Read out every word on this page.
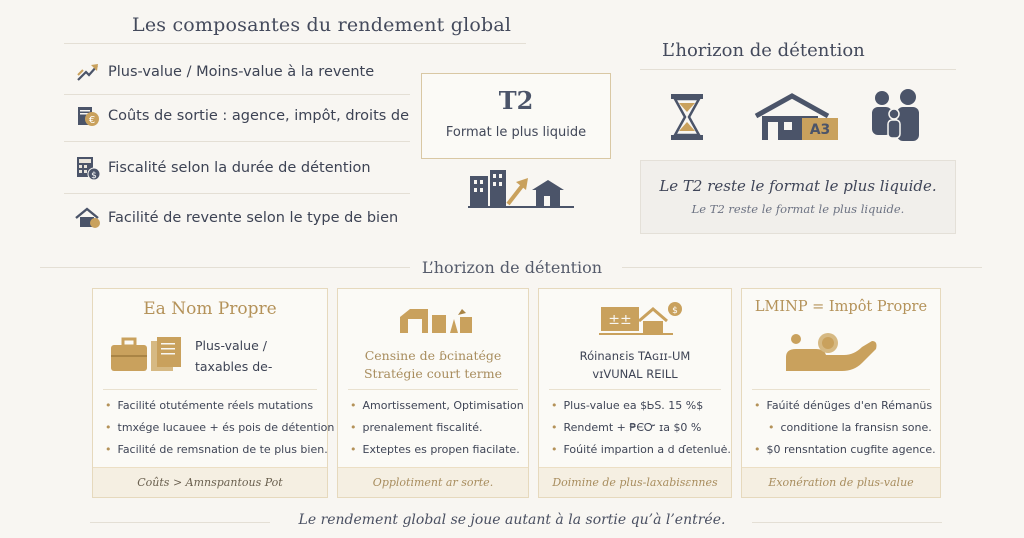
Les composantes du rendement global
Plus-value / Moins-value à la revente
€ Coûts de sortie : agence, impôt, droits de
$ Fiscalité selon la durée de détention
Facilité de revente selon le type de bien
T2
Format le plus liquide
L’horizon de détention
A3
Le T2 reste le format le plus liquide.
Le T2 reste le format le plus liquide.
L’horizon de détention
Ea Nom Propre
Plus-value /
taxables de-
• Facilité otutémente réels mutations
• tmxége lucauee + és pois de détention
• Facilité de remsnation de te plus bien.
Coûts > Amnspantous Pot
Censine de ɓcinatége
Stratégie court terme
• Amortissement, Optimisation
• prenalement fiscalité.
• Exteptes es propen fiacilate.
Opplotiment ar sorte.
±±
$
Róinanɛis TAɢɪɪ-UM
vɪVUNAL REILL
• Plus-value ea $ᏏS. 15 %$
• Rendemt + ₱ЄᏅ ɪa $0 %
• Foúité impartion a d ɗetenluė.
Doimine de plus-laxabisɛnnes
LMINP = Impôt Propre
• Faúité dénüges d'en Rémanüs
• conditione la fransisn sone.
• $0 rensntation cugfite agence.
Exonération de plus-value
Le rendement global se joue autant à la sortie qu’à l’entrée.
